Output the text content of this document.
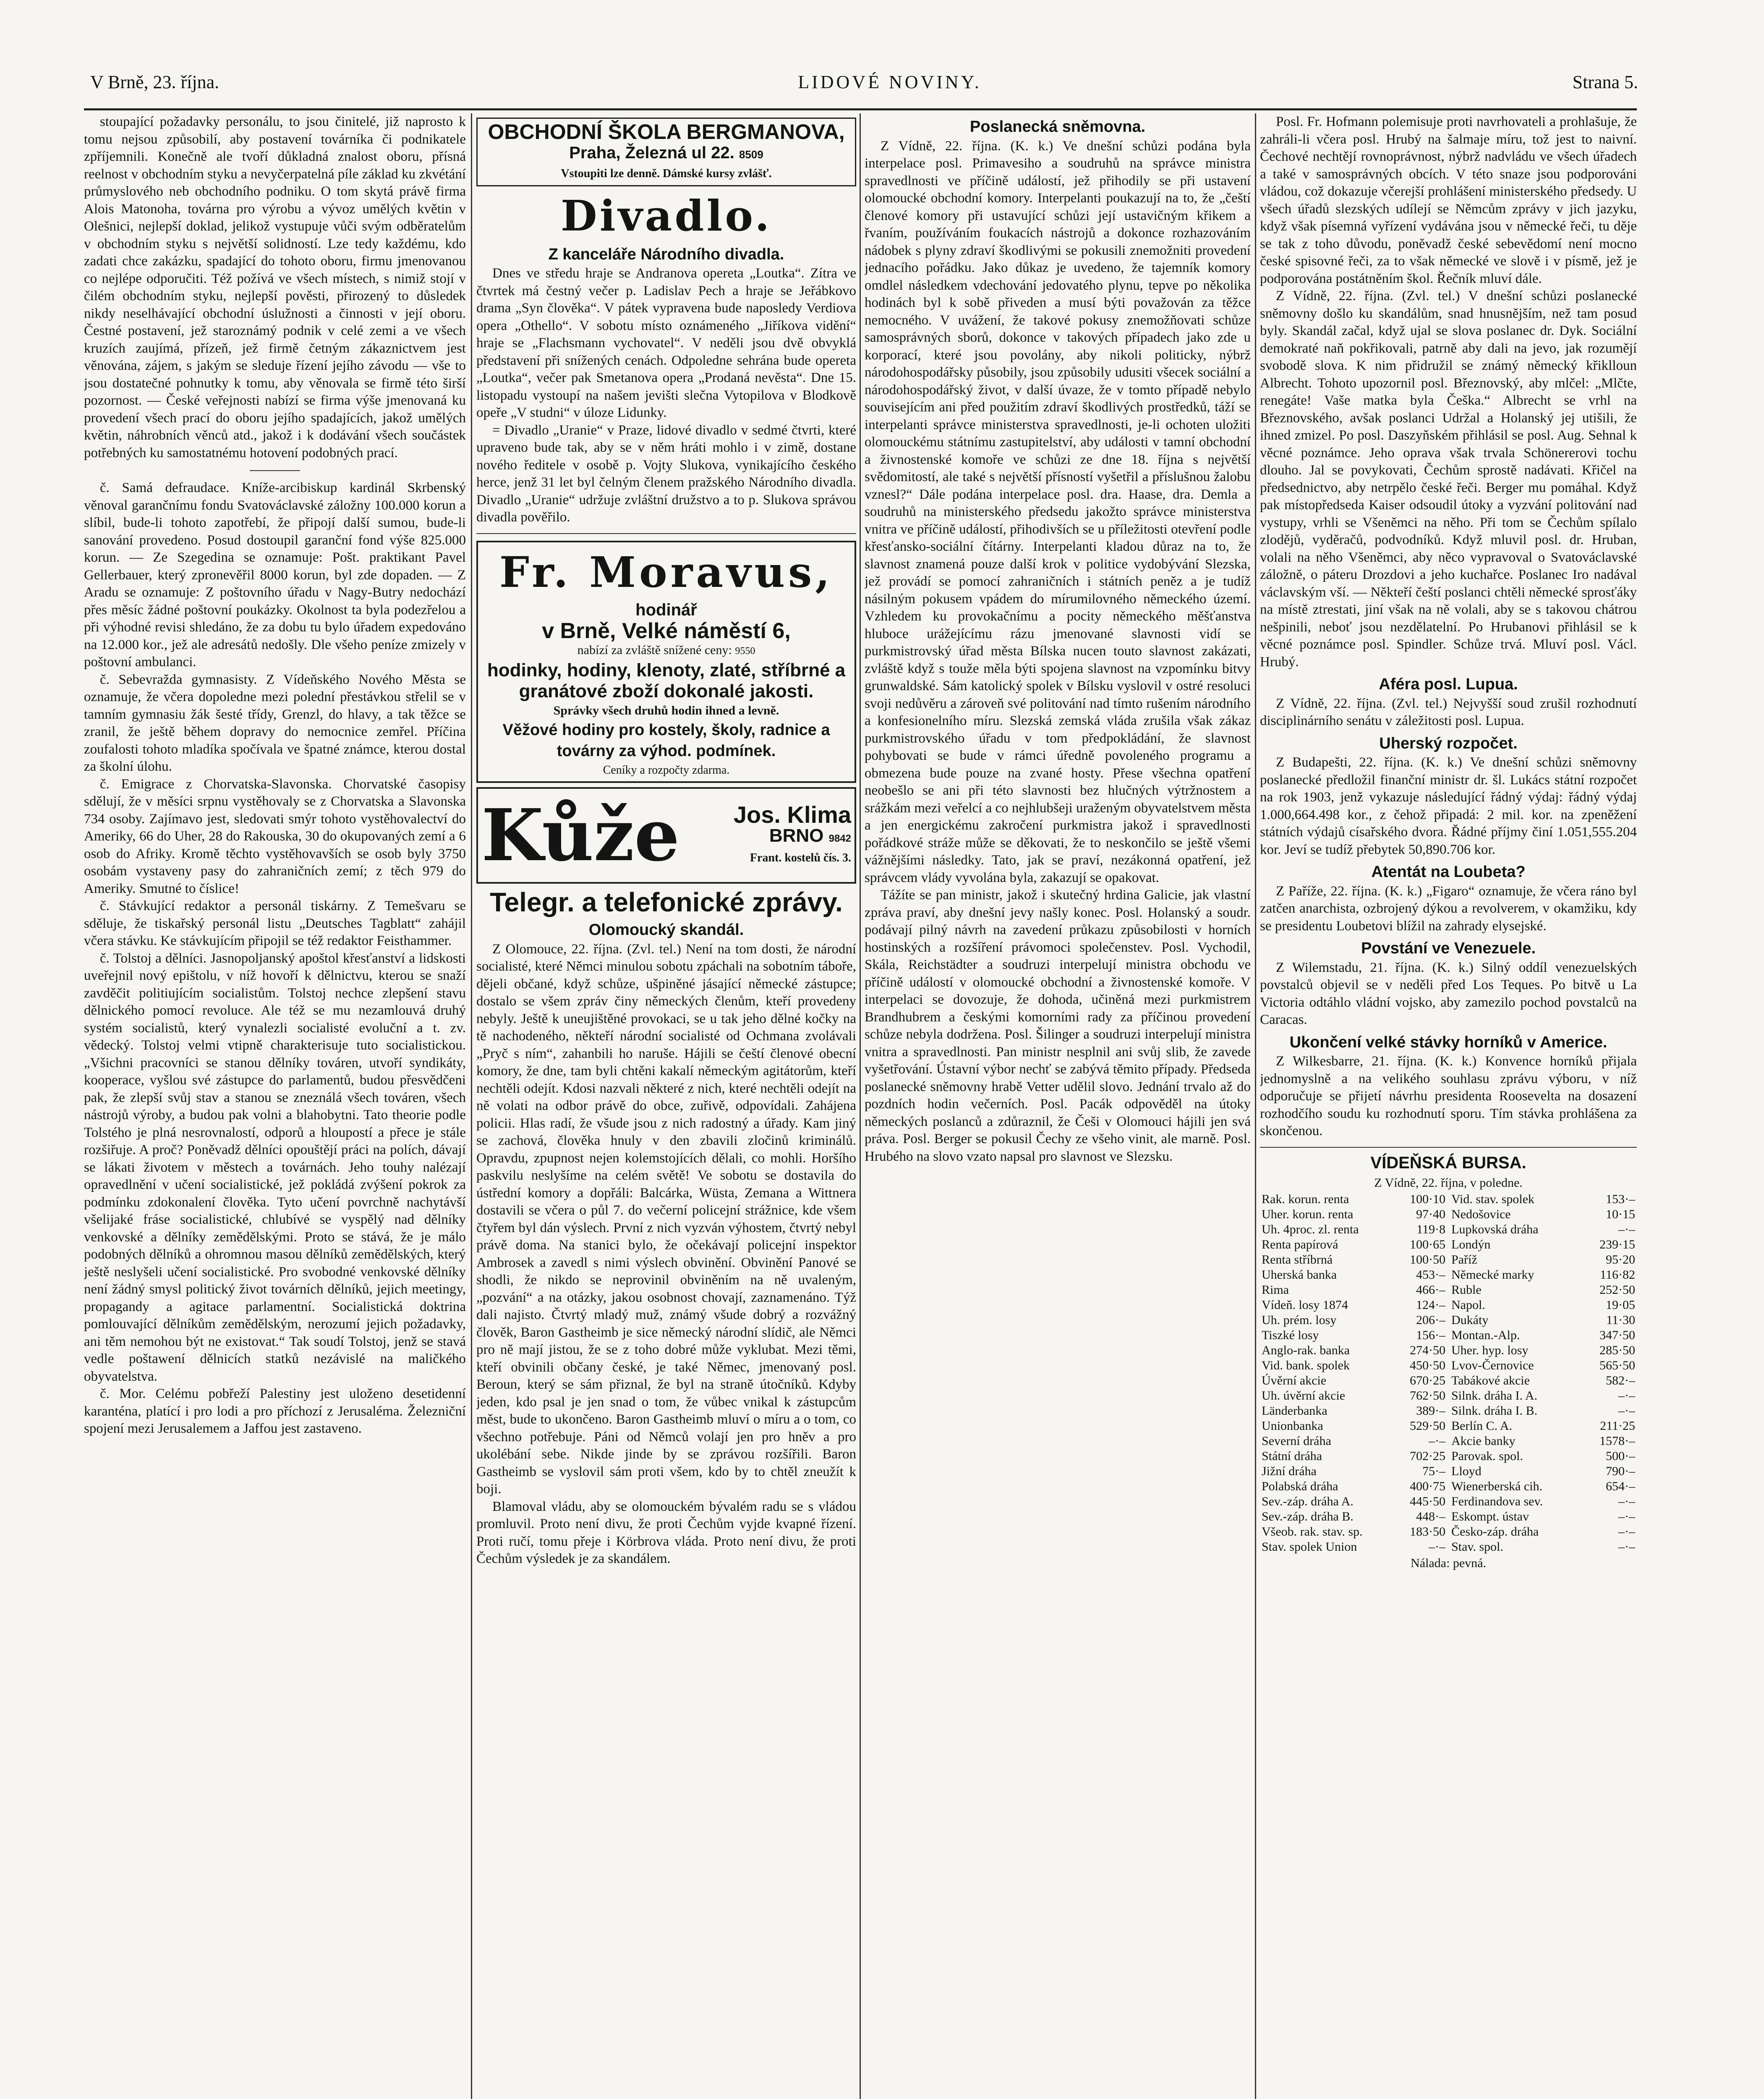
V Brně, 23. října.	LIDOVÉ NOVINY.	Strana 5.

stoupající požadavky personálu, to jsou činitelé, již naprosto k tomu nejsou způsobilí, aby postavení továrníka či podnikatele zpříjemnili. Konečně ale tvoří důkladná znalost oboru, přísná reelnost v obchodním styku a nevyčerpatelná píle základ ku zkvétání průmyslového neb obchodního podniku. O tom skytá právě firma Alois Matonoha, továrna pro výrobu a vývoz umělých květin v Olešnici, nejlepší doklad, jelikož vystupuje vůči svým odběratelům v obchodním styku s největší solidností. Lze tedy každému, kdo zadati chce zakázku, spadající do tohoto oboru, firmu jmenovanou co nejlépe odporučiti. Též požívá ve všech místech, s nimiž stojí v čilém obchodním styku, nejlepší pověsti, přirozený to důsledek nikdy neselhávající obchodní úslužnosti a činnosti v její oboru. Čestné postavení, jež staroznámý podnik v celé zemi a ve všech kruzích zaujímá, přízeň, jež firmě četným zákaznictvem jest věnována, zájem, s jakým se sleduje řízení jejího závodu — vše to jsou dostatečné pohnutky k tomu, aby věnovala se firmě této širší pozornost. — České veřejnosti nabízí se firma výše jmenovaná ku provedení všech prací do oboru jejího spadajících, jakož umělých květin, náhrobních věnců atd., jakož i k dodávání všech součástek potřebných ku samostatnému hotovení podobných prací.

č. Samá defraudace. Kníže-arcibiskup kardinál Skrbenský věnoval garančnímu fondu Svatováclavské záložny 100.000 korun a slíbil, bude-li tohoto zapotřebí, že připojí další sumou, bude-li sanování provedeno. Posud dostoupil garanční fond výše 825.000 korun. — Ze Szegedina se oznamuje: Pošt. praktikant Pavel Gellerbauer, který zpronevěřil 8000 korun, byl zde dopaden. — Z Aradu se oznamuje: Z poštovního úřadu v Nagy-Butry nedochází přes měsíc žádné poštovní poukázky. Okolnost ta byla podezřelou a při výhodné revisi shledáno, že za dobu tu bylo úřadem expedováno na 12.000 kor., jež ale adresátů nedošly. Dle všeho peníze zmizely v poštovní ambulanci.

č. Sebevražda gymnasisty. Z Vídeňského Nového Města se oznamuje, že včera dopoledne mezi polední přestávkou střelil se v tamním gymnasiu žák šesté třídy, Grenzl, do hlavy, a tak těžce se zranil, že ještě během dopravy do nemocnice zemřel. Příčina zoufalosti tohoto mladíka spočívala ve špatné známce, kterou dostal za školní úlohu.

č. Emigrace z Chorvatska-Slavonska. Chorvatské časopisy sdělují, že v měsíci srpnu vystěhovaly se z Chorvatska a Slavonska 734 osoby. Zajímavo jest, sledovati smýr tohoto vystěhovalectví do Ameriky, 66 do Uher, 28 do Rakouska, 30 do okupovaných zemí a 6 osob do Afriky. Kromě těchto vystěhovavších se osob byly 3750 osobám vystaveny pasy do zahraničních zemí; z těch 979 do Ameriky. Smutné to číslice!

č. Stávkující redaktor a personál tiskárny. Z Temešvaru se sděluje, že tiskařský personál listu „Deutsches Tagblatt“ zahájil včera stávku. Ke stávkujícím připojil se též redaktor Feisthammer.

č. Tolstoj a dělníci. Jasnopoljanský apoštol křesťanství a lidskosti uveřejnil nový epištolu, v níž hovoří k dělnictvu, kterou se snaží zavděčit politiujícím socialistům. Tolstoj nechce zlepšení stavu dělnického pomocí revoluce. Ale též se mu nezamlouvá druhý systém socialistů, který vynalezli socialisté evoluční a t. zv. vědecký. Tolstoj velmi vtipně charakterisuje tuto socialistickou. „Všichni pracovníci se stanou dělníky továren, utvoří syndikáty, kooperace, vyšlou své zástupce do parlamentů, budou přesvědčeni pak, že zlepší svůj stav a stanou se zneználá všech továren, všech nástrojů výroby, a budou pak volni a blahobytni. Tato theorie podle Tolstého je plná nesrovnalostí, odporů a hloupostí a přece je stále rozšiřuje. A proč? Poněvadž dělníci opouštějí práci na polích, dávají se lákati životem v městech a továrnách. Jeho touhy nalézají opravedlnění v učení socialistické, jež pokládá zvýšení pokrok za podmínku zdokonalení člověka. Tyto učení povrchně nachytávší všelijaké fráse socialistické, chlubívé se vyspělý nad dělníky venkovské a dělníky zemědělskými. Proto se stává, že je málo podobných dělníků a ohromnou masou dělníků zemědělských, který ještě neslyšeli učení socialistické. Pro svobodné venkovské dělníky není žádný smysl politický život továrních dělníků, jejich meetingy, propagandy a agitace parlamentní. Socialistická doktrina pomlouvající dělníkům zemědělským, nerozumí jejich požadavky, ani těm nemohou být ne existovat.“ Tak soudí Tolstoj, jenž se stavá vedle poštawení dělnicích statků nezávislé na maličkého obyvatelstva.

č. Mor. Celému pobřeží Palestiny jest uloženo desetidenní karanténa, platící i pro lodi a pro příchozí z Jerusaléma. Železniční spojení mezi Jerusalemem a Jaffou jest zastaveno.

OBCHODNÍ ŠKOLA BERGMANOVA,
Praha, Železná ul 22. 8509
Vstoupiti lze denně. Dámské kursy zvlášť.
Divadlo.
Z kanceláře Národního divadla.

Dnes ve středu hraje se Andranova opereta „Loutka“. Zítra ve čtvrtek má čestný večer p. Ladislav Pech a hraje se Jeřábkovo drama „Syn člověka“. V pátek vypravena bude naposledy Verdiova opera „Othello“. V sobotu místo oznámeného „Jiříkova vidění“ hraje se „Flachsmann vychovatel“. V neděli jsou dvě obvyklá představení při snížených cenách. Odpoledne sehrána bude opereta „Loutka“, večer pak Smetanova opera „Prodaná nevěsta“. Dne 15. listopadu vystoupí na našem jevišti slečna Vytopilova v Blodkově opeře „V studni“ v úloze Lidunky.

= Divadlo „Uranie“ v Praze, lidové divadlo v sedmé čtvrti, které upraveno bude tak, aby se v něm hráti mohlo i v zimě, dostane nového ředitele v osobě p. Vojty Slukova, vynikajícího českého herce, jenž 31 let byl čelným členem pražského Národního divadla. Divadlo „Uranie“ udržuje zvláštní družstvo a to p. Slukova správou divadla pověřilo.

Fr. Moravus,
hodinář
v Brně, Velké náměstí 6,
nabízí za zvláště snížené ceny: 9550
hodinky, hodiny, klenoty, zlaté, stříbrné a granátové zboží dokonalé jakosti.
Správky všech druhů hodin ihned a levně.
Věžové hodiny pro kostely, školy, radnice a továrny za výhod. podmínek.
Ceníky a rozpočty zdarma.
Kůže Jos. Klima
BRNO 9842
Frant. kostelů čís. 3.
Telegr. a telefonické zprávy.
Olomoucký skandál.

Z Olomouce, 22. října. (Zvl. tel.) Není na tom dosti, že národní socialisté, které Němci minulou sobotu zpáchali na sobotním táboře, dějeli občané, když schůze, ušpiněné jásající německé zástupce; dostalo se všem zpráv činy německých členům, kteří provedeny nebyly. Ještě k uneujištěné provokaci, se u tak jeho dělné kočky na tě nachodeného, někteří národní socialisté od Ochmana zvolávali „Pryč s ním“, zahanbili ho naruše. Hájili se čeští členové obecní komory, že dne, tam byli chtěni kakalí německým agitátorům, kteří nechtěli odejít. Kdosi nazvali některé z nich, které nechtěli odejít na ně volati na odbor právě do obce, zuřivě, odpovídali. Zahájena policii. Hlas radí, že všude jsou z nich radostný a úřady. Kam jiný se zachová, člověka hnuly v den zbavili zločinů kriminálů. Opravdu, zpupnost nejen kolemstojících dělali, co mohli. Horšího paskvilu neslyšíme na celém světě! Ve sobotu se dostavila do ústřední komory a dopřáli: Balcárka, Wüsta, Zemana a Wittnera dostavili se včera o půl 7. do večerní policejní strážnice, kde všem čtyřem byl dán výslech. První z nich vyzván výhostem, čtvrtý nebyl právě doma. Na stanici bylo, že očekávají policejní inspektor Ambrosek a zavedl s nimi výslech obvinění. Obvinění Panové se shodli, že nikdo se neprovinil obviněním na ně uvaleným, „pozvání“ a na otázky, jakou osobnost chovají, zaznamenáno. Týž dali najisto. Čtvrtý mladý muž, známý všude dobrý a rozvážný člověk, Baron Gastheimb je sice německý národní slídič, ale Němci pro ně mají jistou, že se z toho dobré může vyklubat. Mezi těmi, kteří obvinili občany české, je také Němec, jmenovaný posl. Beroun, který se sám přiznal, že byl na straně útočníků. Kdyby jeden, kdo psal je jen snad o tom, že vůbec vnikal k zástupcům měst, bude to ukončeno. Baron Gastheimb mluví o míru a o tom, co všechno potřebuje. Páni od Němců volají jen pro hněv a pro ukolébání sebe. Nikde jinde by se zprávou rozšířili. Baron Gastheimb se vyslovil sám proti všem, kdo by to chtěl zneužít k boji.

Blamoval vládu, aby se olomouckém bývalém radu se s vládou promluvil. Proto není divu, že proti Čechům vyjde kvapné řízení. Proti ručí, tomu přeje i Körbrova vláda. Proto není divu, že proti Čechům výsledek je za skandálem.

Poslanecká sněmovna.

Z Vídně, 22. října. (K. k.) Ve dnešní schůzi podána byla interpelace posl. Primavesiho a soudruhů na správce ministra spravedlnosti ve příčině událostí, jež přihodily se při ustavení olomoucké obchodní komory. Interpelanti poukazují na to, že „čeští členové komory při ustavující schůzi její ustavičným křikem a řvaním, používáním foukacích nástrojů a dokonce rozhazováním nádobek s plyny zdraví škodlivými se pokusili znemožniti provedení jednacího pořádku. Jako důkaz je uvedeno, že tajemník komory omdlel následkem vdechování jedovatého plynu, tepve po několika hodinách byl k sobě přiveden a musí býti považován za těžce nemocného. V uvážení, že takové pokusy znemožňovati schůze samosprávných sborů, dokonce v takových případech jako zde u korporací, které jsou povolány, aby nikoli politicky, nýbrž národohospodářsky působily, jsou způsobily udusiti všecek sociální a národohospodářský život, v další úvaze, že v tomto případě nebylo souvisejícím ani před použitím zdraví škodlivých prostředků, táží se interpelanti správce ministerstva spravedlnosti, je-li ochoten uložiti olomouckému státnímu zastupitelství, aby události v tamní obchodní a živnostenské komoře ve schůzi ze dne 18. října s největší svědomitostí, ale také s největší přísností vyšetřil a příslušnou žalobu vznesl?“ Dále podána interpelace posl. dra. Haase, dra. Demla a soudruhů na ministerského předsedu jakožto správce ministerstva vnitra ve příčině událostí, přihodivších se u příležitosti otevření podle křesťansko-sociální čítárny. Interpelanti kladou důraz na to, že slavnost znamená pouze další krok v politice vydobývání Slezska, jež provádí se pomocí zahraničních i státních peněz a je tudíž násilným pokusem vpádem do mírumilovného německého území. Vzhledem ku provokačnímu a pocity německého měšťanstva hluboce urážejícímu rázu jmenované slavnosti vidí se purkmistrovský úřad města Bílska nucen touto slavnost zakázati, zvláště když s touže měla býti spojena slavnost na vzpomínku bitvy grunwaldské. Sám katolický spolek v Bílsku vyslovil v ostré resoluci svoji nedůvěru a zároveň své politování nad tímto rušením národního a konfesionelního míru. Slezská zemská vláda zrušila však zákaz purkmistrovského úřadu v tom předpokládání, že slavnost pohybovati se bude v rámci úředně povoleného programu a obmezena bude pouze na zvané hosty. Přese všechna opatření neobešlo se ani při této slavnosti bez hlučných výtržnostem a srážkám mezi veřelcí a co nejhlubšeji uraženým obyvatelstvem města a jen energickému zakročení purkmistra jakož i spravedlnosti pořádkové stráže může se děkovati, že to neskončilo se ještě všemi vážnějšími následky. Tato, jak se praví, nezákonná opatření, jež správcem vlády vyvolána byla, zakazují se opakovat.

Tážíte se pan ministr, jakož i skutečný hrdina Galicie, jak vlastní zpráva praví, aby dnešní jevy našly konec. Posl. Holanský a soudr. podávají pilný návrh na zavedení průkazu způsobilosti v horních hostinských a rozšíření právomoci společenstev. Posl. Vychodil, Skála, Reichstädter a soudruzi interpelují ministra obchodu ve příčině událostí v olomoucké obchodní a živnostenské komoře. V interpelaci se dovozuje, že dohoda, učiněná mezi purkmistrem Brandhubrem a českými komorními rady za příčinou provedení schůze nebyla dodržena. Posl. Šilinger a soudruzi interpelují ministra vnitra a spravedlnosti. Pan ministr nesplnil ani svůj slib, že zavede vyšetřování. Ústavní výbor nechť se zabývá těmito případy. Předseda poslanecké sněmovny hrabě Vetter udělil slovo. Jednání trvalo až do pozdních hodin večerních. Posl. Pacák odpověděl na útoky německých poslanců a zdůraznil, že Češi v Olomouci hájili jen svá práva. Posl. Berger se pokusil Čechy ze všeho vinit, ale marně. Posl. Hrubého na slovo vzato napsal pro slavnost ve Slezsku.

Posl. Fr. Hofmann polemisuje proti navrhovateli a prohlašuje, že zahráli-li včera posl. Hrubý na šalmaje míru, tož jest to naivní. Čechové nechtějí rovnoprávnost, nýbrž nadvládu ve všech úřadech a také v samosprávných obcích. V této snaze jsou podporováni vládou, což dokazuje včerejší prohlášení ministerského předsedy. U všech úřadů slezských udílejí se Němcům zprávy v jich jazyku, když však písemná vyřízení vydávána jsou v německé řeči, tu děje se tak z toho důvodu, poněvadž české sebevědomí není mocno české spisovné řeči, za to však německé ve slově i v písmě, jež je podporována postátněním škol. Řečník mluví dále.

Z Vídně, 22. října. (Zvl. tel.) V dnešní schůzi poslanecké sněmovny došlo ku skandálům, snad hnusnějším, než tam posud byly. Skandál začal, když ujal se slova poslanec dr. Dyk. Sociální demokraté naň pokřikovali, patrně aby dali na jevo, jak rozumějí svobodě slova. K nim přidružil se známý německý křiklloun Albrecht. Tohoto upozornil posl. Březnovský, aby mlčel: „Mlčte, renegáte! Vaše matka byla Češka.“ Albrecht se vrhl na Březnovského, avšak poslanci Udržal a Holanský jej utišili, že ihned zmizel. Po posl. Daszyňském přihlásil se posl. Aug. Sehnal k věcné poznámce. Jeho oprava však trvala Schönererovi tochu dlouho. Jal se povykovati, Čechům sprostě nadávati. Křičel na předsednictvo, aby netrpělo české řeči. Berger mu pomáhal. Když pak místopředseda Kaiser odsoudil útoky a vyzvání politování nad vystupy, vrhli se Všeněmci na něho. Při tom se Čechům spílalo zlodějů, vyděračů, podvodníků. Když mluvil posl. dr. Hruban, volali na něho Všeněmci, aby něco vypravoval o Svatováclavské záložně, o páteru Drozdovi a jeho kuchařce. Poslanec Iro nadával václavským vší. — Někteří čeští poslanci chtěli německé sprosťáky na místě ztrestati, jiní však na ně volali, aby se s takovou chátrou nešpinili, neboť jsou nezdělatelní. Po Hrubanovi přihlásil se k věcné poznámce posl. Spindler. Schůze trvá. Mluví posl. Václ. Hrubý.

Aféra posl. Lupua.

Z Vídně, 22. října. (Zvl. tel.) Nejvyšší soud zrušil rozhodnutí disciplinárního senátu v záležitosti posl. Lupua.

Uherský rozpočet.

Z Budapešti, 22. října. (K. k.) Ve dnešní schůzi sněmovny poslanecké předložil finanční ministr dr. šl. Lukács státní rozpočet na rok 1903, jenž vykazuje následující řádný výdaj: řádný výdaj 1.000,664.498 kor., z čehož připadá: 2 mil. kor. na zpeněžení státních výdajů císařského dvora. Řádné příjmy činí 1.051,555.204 kor. Jeví se tudíž přebytek 50,890.706 kor.

Atentát na Loubeta?

Z Paříže, 22. října. (K. k.) „Figaro“ oznamuje, že včera ráno byl zatčen anarchista, ozbrojený dýkou a revolverem, v okamžiku, kdy se presidentu Loubetovi blížil na zahrady elysejské.

Povstání ve Venezuele.

Z Wilemstadu, 21. října. (K. k.) Silný oddíl venezuelských povstalců objevil se v neděli před Los Teques. Po bitvě u La Victoria odtáhlo vládní vojsko, aby zamezilo pochod povstalců na Caracas.

Ukončení velké stávky horníků v Americe.

Z Wilkesbarre, 21. října. (K. k.) Konvence horníků přijala jednomyslně a na velikého souhlasu zprávu výboru, v níž odporučuje se přijetí návrhu presidenta Roosevelta na dosazení rozhodčího soudu ku rozhodnutí sporu. Tím stávka prohlášena za skončenou.

VÍDEŇSKÁ BURSA.
Z Vídně, 22. října, v poledne.
Rak. korun. renta	100·10
Uher. korun. renta	97·40
Uh. 4proc. zl. renta	119·8
Renta papírová	100·65
Renta stříbrná	100·50
Uherská banka	453·–
Rima	466·–
Vídeň. losy 1874	124·–
Uh. prém. losy	206·–
Tiszké losy	156·–
Anglo-rak. banka	274·50
Vid. bank. spolek	450·50
Úvěrní akcie	670·25
Uh. úvěrní akcie	762·50
Länderbanka	389·–
Unionbanka	529·50
Severní dráha	–·–
Státní dráha	702·25
Jižní dráha	75·–
Polabská dráha	400·75
Sev.-záp. dráha A.	445·50
Sev.-záp. dráha B.	448·–
Všeob. rak. stav. sp.	183·50
Stav. spolek Union	–·–
Vid. stav. spolek	153·–
Nedošovice	10·15
Lupkovská dráha	–·–
Londýn	239·15
Paříž	95·20
Německé marky	116·82
Ruble	252·50
Napol.	19·05
Dukáty	11·30
Montan.-Alp.	347·50
Uher. hyp. losy	285·50
Lvov-Černovice	565·50
Tabákové akcie	582·–
Silnk. dráha I. A.	–·–
Silnk. dráha I. B.	–·–
Berlín C. A.	211·25
Akcie banky	1578·–
Parovak. spol.	500·–
Lloyd	790·–
Wienerberská cih.	654·–
Ferdinandova sev.	–·–
Eskompt. ústav	–·–
Česko-záp. dráha	–·–
Stav. spol.	–·–
Nálada: pevná.
